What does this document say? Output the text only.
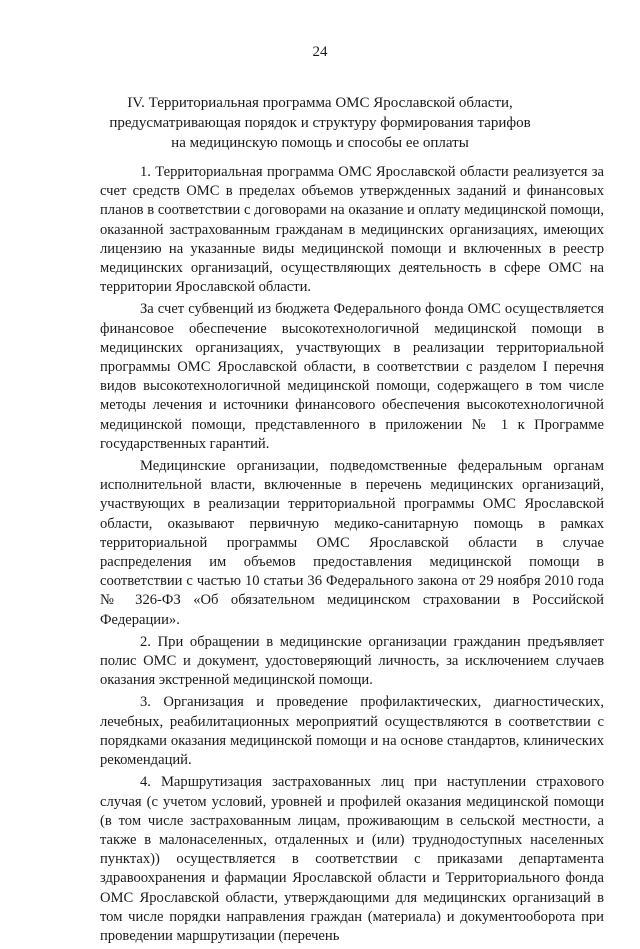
24
IV. Территориальная программа ОМС Ярославской области,
предусматривающая порядок и структуру формирования тарифов
на медицинскую помощь и способы ее оплаты

1. Территориальная программа ОМС Ярославской области реализуется за счет средств ОМС в пределах объемов утвержденных заданий и финансовых планов в соответствии с договорами на оказание и оплату медицинской помощи, оказанной застрахованным гражданам в медицинских организациях, имеющих лицензию на указанные виды медицинской помощи и включенных в реестр медицинских организаций, осуществляющих деятельность в сфере ОМС на территории Ярославской области.

За счет субвенций из бюджета Федерального фонда ОМС осуществляется финансовое обеспечение высокотехнологичной медицинской помощи в медицинских организациях, участвующих в реализации территориальной программы ОМС Ярославской области, в соответствии с разделом I перечня видов высокотехнологичной медицинской помощи, содержащего в том числе методы лечения и источники финансового обеспечения высокотехнологичной медицинской помощи, представленного в приложении № 1 к Программе государственных гарантий.

Медицинские организации, подведомственные федеральным органам исполнительной власти, включенные в перечень медицинских организаций, участвующих в реализации территориальной программы ОМС Ярославской области, оказывают первичную медико-санитарную помощь в рамках территориальной программы ОМС Ярославской области в случае распределения им объемов предоставления медицинской помощи в соответствии с частью 10 статьи 36 Федерального закона от 29 ноября 2010 года № 326-ФЗ «Об обязательном медицинском страховании в Российской Федерации».

2. При обращении в медицинские организации гражданин предъявляет полис ОМС и документ, удостоверяющий личность, за исключением случаев оказания экстренной медицинской помощи.

3. Организация и проведение профилактических, диагностических, лечебных, реабилитационных мероприятий осуществляются в соответствии с порядками оказания медицинской помощи и на основе стандартов, клинических рекомендаций.

4. Маршрутизация застрахованных лиц при наступлении страхового случая (с учетом условий, уровней и профилей оказания медицинской помощи (в том числе застрахованным лицам, проживающим в сельской местности, а также в малонаселенных, отдаленных и (или) труднодоступных населенных пунктах)) осуществляется в соответствии с приказами департамента здравоохранения и фармации Ярославской области и Территориального фонда ОМС Ярославской области, утверждающими для медицинских организаций в том числе порядки направления граждан (материала) и документооборота при проведении маршрутизации (перечень
